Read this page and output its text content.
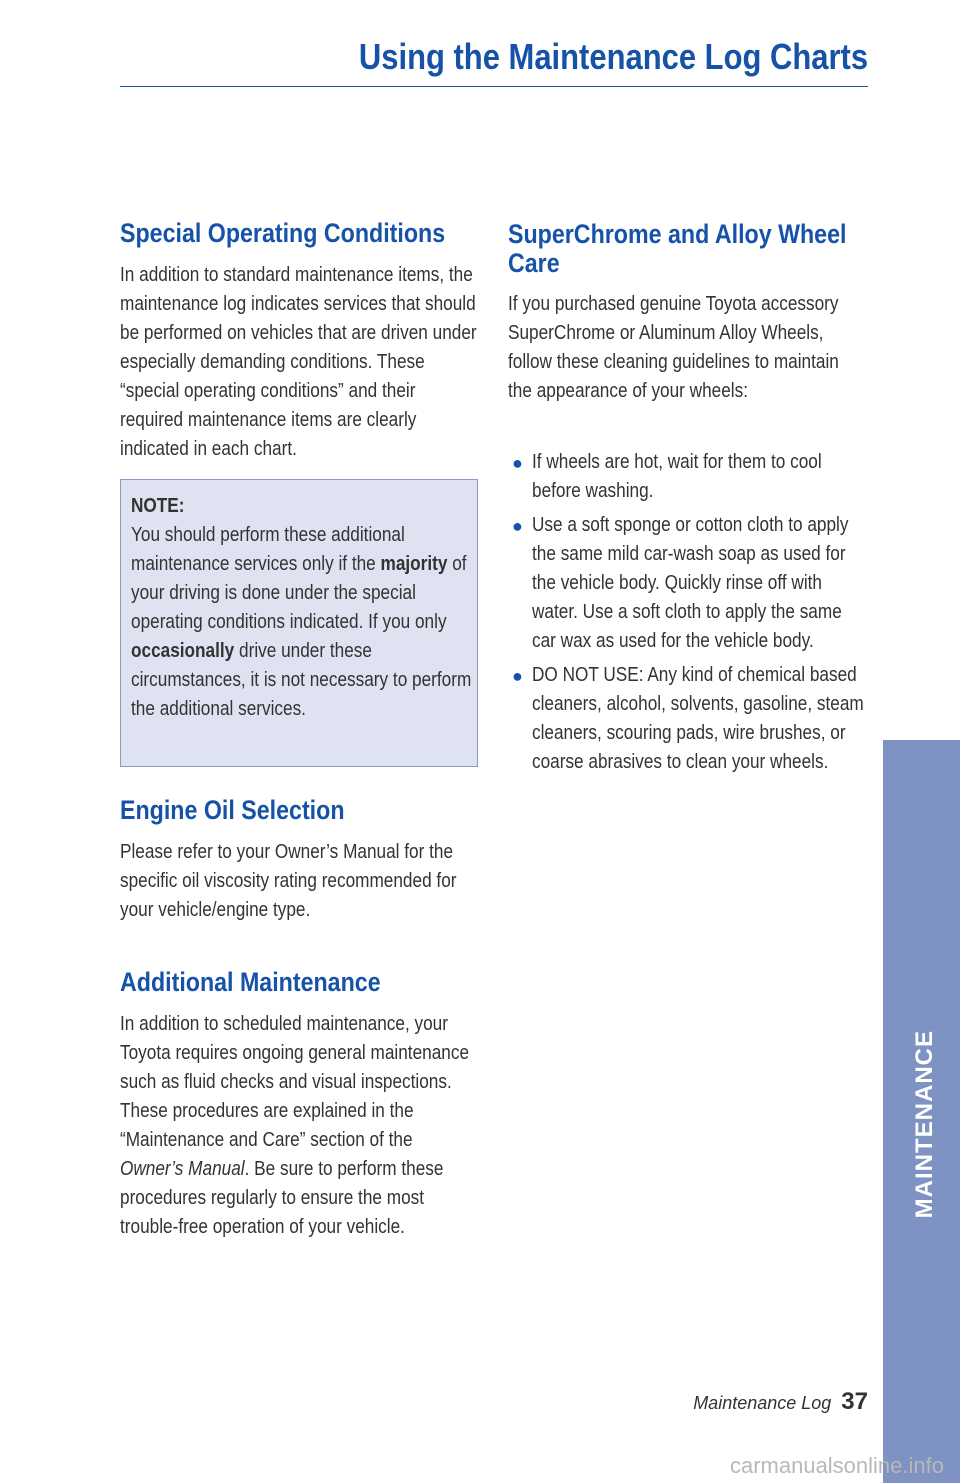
Using the Maintenance Log Charts
Special Operating Conditions

In addition to standard maintenance items, the maintenance log indicates services that should be performed on vehicles that are driven under especially demanding conditions. These “special operating conditions” and their required maintenance items are clearly indicated in each chart.

NOTE:
You should perform these additional maintenance services only if the majority of your driving is done under the special operating conditions indicated. If you only occasionally drive under these circumstances, it is not necessary to perform the additional services.
Engine Oil Selection

Please refer to your Owner’s Manual for the specific oil viscosity rating recommended for your vehicle/engine type.

Additional Maintenance

In addition to scheduled maintenance, your Toyota requires ongoing general maintenance such as fluid checks and visual inspections. These procedures are explained in the “Maintenance and Care” section of the Owner’s Manual. Be sure to perform these procedures regularly to ensure the most trouble-free operation of your vehicle.

SuperChrome and Alloy Wheel
Care

If you purchased genuine Toyota accessory SuperChrome or Aluminum Alloy Wheels, follow these cleaning guidelines to maintain the appearance of your wheels:

● If wheels are hot, wait for them to cool before washing.
● Use a soft sponge or cotton cloth to apply the same mild car-wash soap as used for the vehicle body. Quickly rinse off with water. Use a soft cloth to apply the same car wax as used for the vehicle body.
● DO NOT USE: Any kind of chemical based cleaners, alcohol, solvents, gasoline, steam cleaners, scouring pads, wire brushes, or coarse abrasives to clean your wheels.
MAINTENANCE
Maintenance Log 37
carmanualsonline.info
